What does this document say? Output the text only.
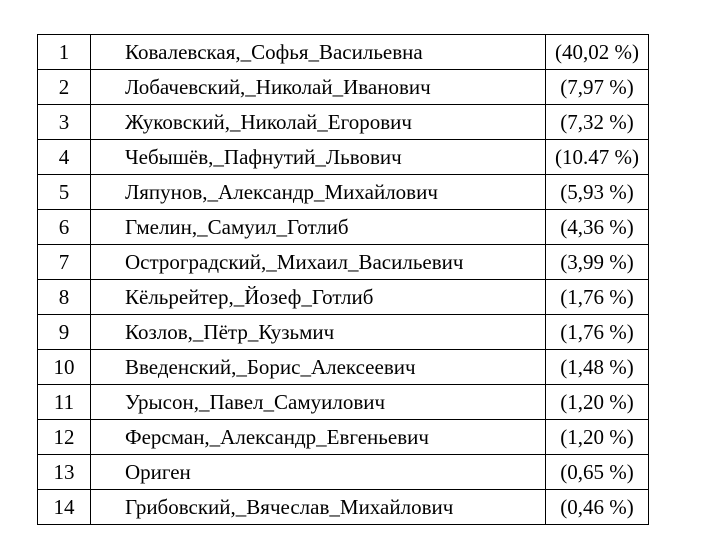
1	Ковалевская,_Софья_Васильевна	(40,02 %)
2	Лобачевский,_Николай_Иванович	(7,97 %)
3	Жуковский,_Николай_Егорович	(7,32 %)
4	Чебышёв,_Пафнутий_Львович	(10.47 %)
5	Ляпунов,_Александр_Михайлович	(5,93 %)
6	Гмелин,_Самуил_Готлиб	(4,36 %)
7	Остроградский,_Михаил_Васильевич	(3,99 %)
8	Кёльрейтер,_Йозеф_Готлиб	(1,76 %)
9	Козлов,_Пётр_Кузьмич	(1,76 %)
10	Введенский,_Борис_Алексеевич	(1,48 %)
11	Урысон,_Павел_Самуилович	(1,20 %)
12	Ферсман,_Александр_Евгеньевич	(1,20 %)
13	Ориген	(0,65 %)
14	Грибовский,_Вячеслав_Михайлович	(0,46 %)
